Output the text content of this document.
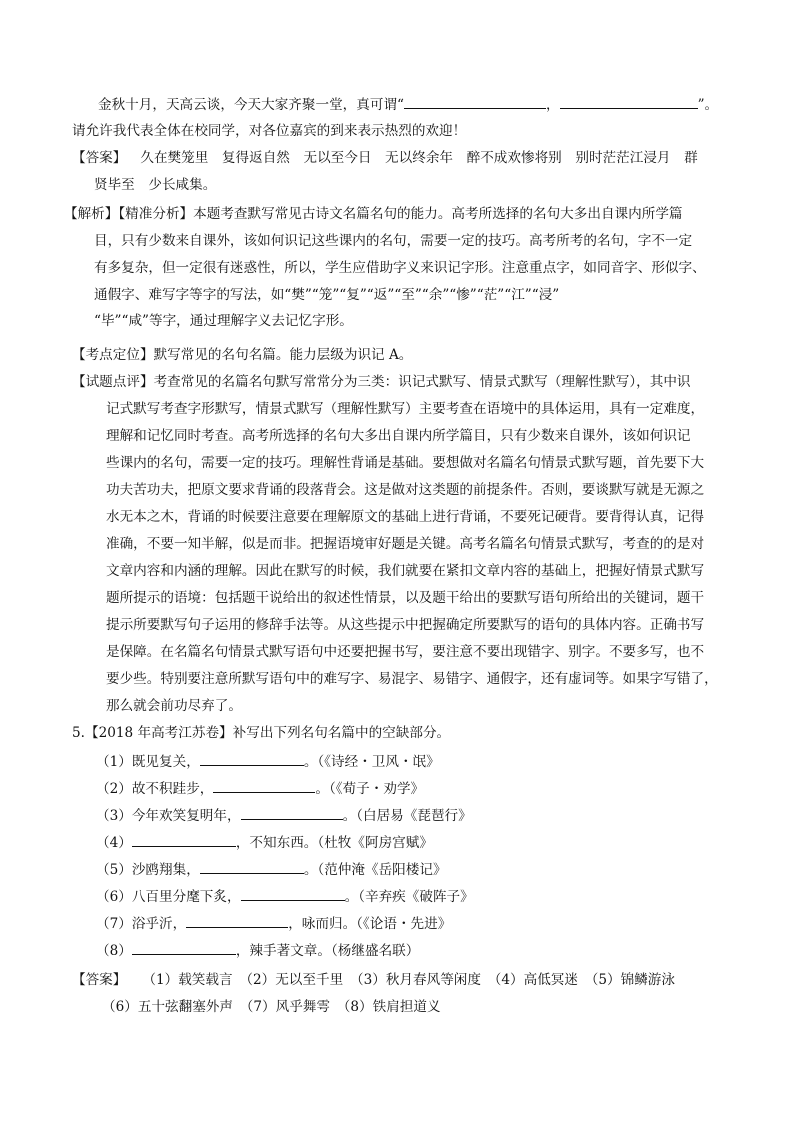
金秋十月，天高云谈，今天大家齐聚一堂，真可谓“	，	”。
请允许我代表全体在校同学，对各位嘉宾的到来表示热烈的欢迎！
【答案】 久在樊笼里　复得返自然　无以至今日　无以终余年　醉不成欢惨将别　别时茫茫江浸月　群
贤毕至　少长咸集。
【解析】【精准分析】本题考查默写常见古诗文名篇名句的能力。高考所选择的名句大多出自课内所学篇
目，只有少数来自课外，该如何识记这些课内的名句，需要一定的技巧。高考所考的名句，字不一定
有多复杂，但一定很有迷惑性，所以，学生应借助字义来识记字形。注意重点字，如同音字、形似字、
通假字、难写字等字的写法，如“樊”“笼”“复”“返”“至”“余”“惨”“茫”“江”“浸”
“毕”“咸”等字，通过理解字义去记忆字形。
【考点定位】默写常见的名句名篇。能力层级为识记 A。
【试题点评】考查常见的名篇名句默写常常分为三类：识记式默写、情景式默写（理解性默写），其中识
记式默写考查字形默写，情景式默写（理解性默写）主要考查在语境中的具体运用，具有一定难度，
理解和记忆同时考查。高考所选择的名句大多出自课内所学篇目，只有少数来自课外，该如何识记
些课内的名句，需要一定的技巧。理解性背诵是基础。要想做对名篇名句情景式默写题，首先要下大
功夫苦功夫，把原文要求背诵的段落背会。这是做对这类题的前提条件。否则，要谈默写就是无源之
水无本之木，背诵的时候要注意要在理解原文的基础上进行背诵，不要死记硬背。要背得认真，记得
准确，不要一知半解，似是而非。把握语境审好题是关键。高考名篇名句情景式默写，考查的的是对
文章内容和内涵的理解。因此在默写的时候，我们就要在紧扣文章内容的基础上，把握好情景式默写
题所提示的语境：包括题干说给出的叙述性情景，以及题干给出的要默写语句所给出的关键词，题干
提示所要默写句子运用的修辞手法等。从这些提示中把握确定所要默写的语句的具体内容。正确书写
是保障。在名篇名句情景式默写语句中还要把握书写，要注意不要出现错字、别字。不要多写，也不
要少些。特别要注意所默写语句中的难写字、易混字、易错字、通假字，还有虚词等。如果字写错了，
那么就会前功尽弃了。
5.【2018 年高考江苏卷】补写出下列名句名篇中的空缺部分。
（1）既见复关，	。（《诗经・卫风・氓》
（2）故不积跬步，	。（《荀子・劝学》
（3）今年欢笑复明年，	。（白居易《琵琶行》
（4）	，不知东西。（杜牧《阿房宫赋》
（5）沙鸥翔集，	。（范仲淹《岳阳楼记》
（6）八百里分麾下炙，	。（辛弃疾《破阵子》
（7）浴乎沂，	，咏而归。（《论语・先进》
（8）	，辣手著文章。（杨继盛名联）
【答案】 （1）载笑载言　（2）无以至千里　（3）秋月春风等闲度　（4）高低冥迷　（5）锦鳞游泳
（6）五十弦翻塞外声　（7）风乎舞雩　（8）铁肩担道义
